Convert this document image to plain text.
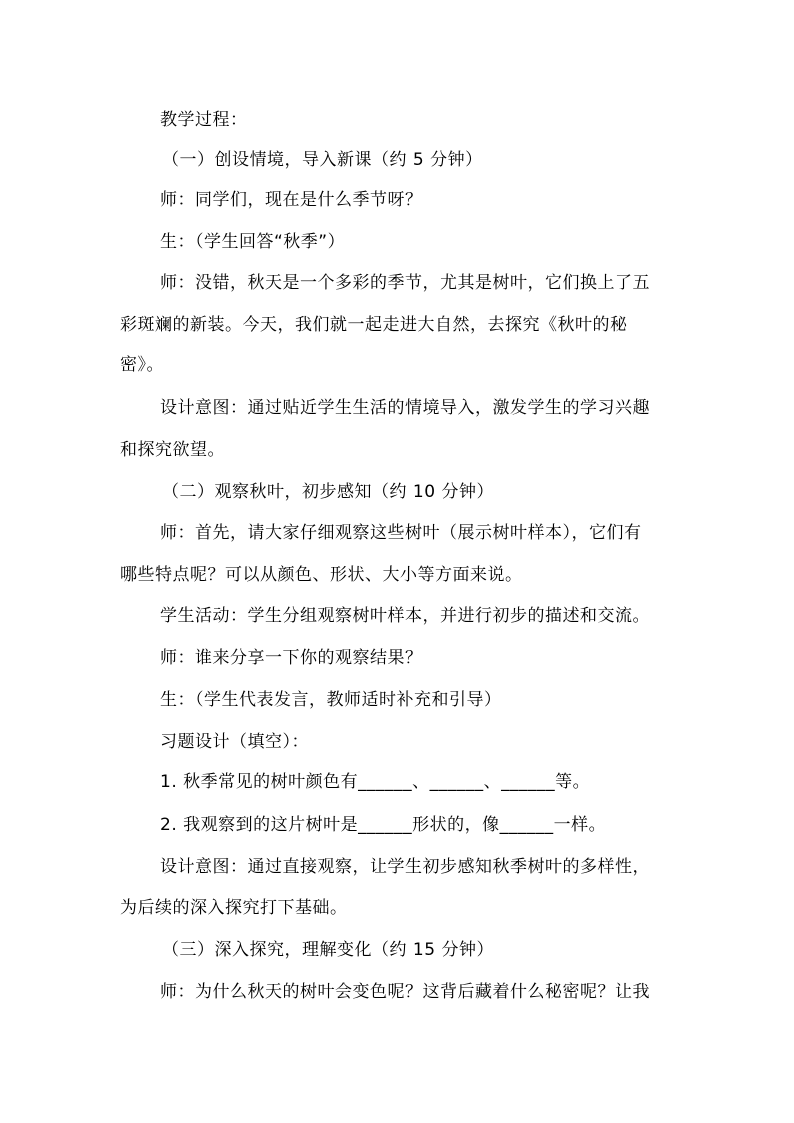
教学过程：
（一）创设情境，导入新课（约 5 分钟）
师：同学们，现在是什么季节呀？
生：（学生回答“秋季”）
师：没错，秋天是一个多彩的季节，尤其是树叶，它们换上了五
彩斑斓的新装。今天，我们就一起走进大自然，去探究《秋叶的秘
密》。
设计意图：通过贴近学生生活的情境导入，激发学生的学习兴趣
和探究欲望。
（二）观察秋叶，初步感知（约 10 分钟）
师：首先，请大家仔细观察这些树叶（展示树叶样本），它们有
哪些特点呢？可以从颜色、形状、大小等方面来说。
学生活动：学生分组观察树叶样本，并进行初步的描述和交流。
师：谁来分享一下你的观察结果？
生：（学生代表发言，教师适时补充和引导）
习题设计（填空）：
1. 秋季常见的树叶颜色有______、______、______等。
2. 我观察到的这片树叶是______形状的，像______一样。
设计意图：通过直接观察，让学生初步感知秋季树叶的多样性，
为后续的深入探究打下基础。
（三）深入探究，理解变化（约 15 分钟）
师：为什么秋天的树叶会变色呢？这背后藏着什么秘密呢？让我
